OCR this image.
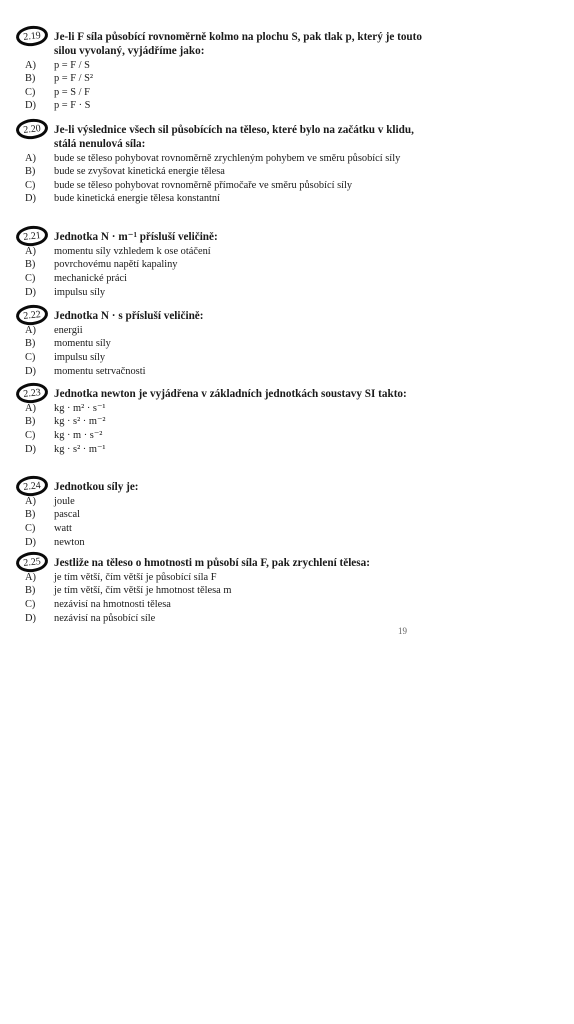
2.19	Je-li F síla působící rovnoměrně kolmo na plochu S, pak tlak p, který je touto silou vyvolaný, vyjádříme jako:

A) p = F / S
B) p = F / S²
C) p = S / F
D) p = F · S
2.20	Je-li výslednice všech sil působících na těleso, které bylo na začátku v klidu, stálá nenulová síla:

A) bude se těleso pohybovat rovnoměrně zrychleným pohybem ve směru působící síly
B) bude se zvyšovat kinetická energie tělesa
C) bude se těleso pohybovat rovnoměrně přímočaře ve směru působící síly
D) bude kinetická energie tělesa konstantní
2.21	Jednotka N · m⁻¹ přísluší veličině:

A) momentu síly vzhledem k ose otáčení
B) povrchovému napětí kapaliny
C) mechanické práci
D) impulsu síly
2.22	Jednotka N · s přísluší veličině:

A) energii
B) momentu síly
C) impulsu síly
D) momentu setrvačnosti
2.23	Jednotka newton je vyjádřena v základních jednotkách soustavy SI takto:

A) kg · m² · s⁻¹
B) kg · s² · m⁻²
C) kg · m · s⁻²
D) kg · s² · m⁻¹
2.24	Jednotkou síly je:

A) joule
B) pascal
C) watt
D) newton
2.25	Jestliže na těleso o hmotnosti m působí síla F, pak zrychlení tělesa:

A) je tím větší, čím větší je působící síla F
B) je tím větší, čím větší je hmotnost tělesa m
C) nezávisí na hmotnosti tělesa
D) nezávisí na působící síle
19
